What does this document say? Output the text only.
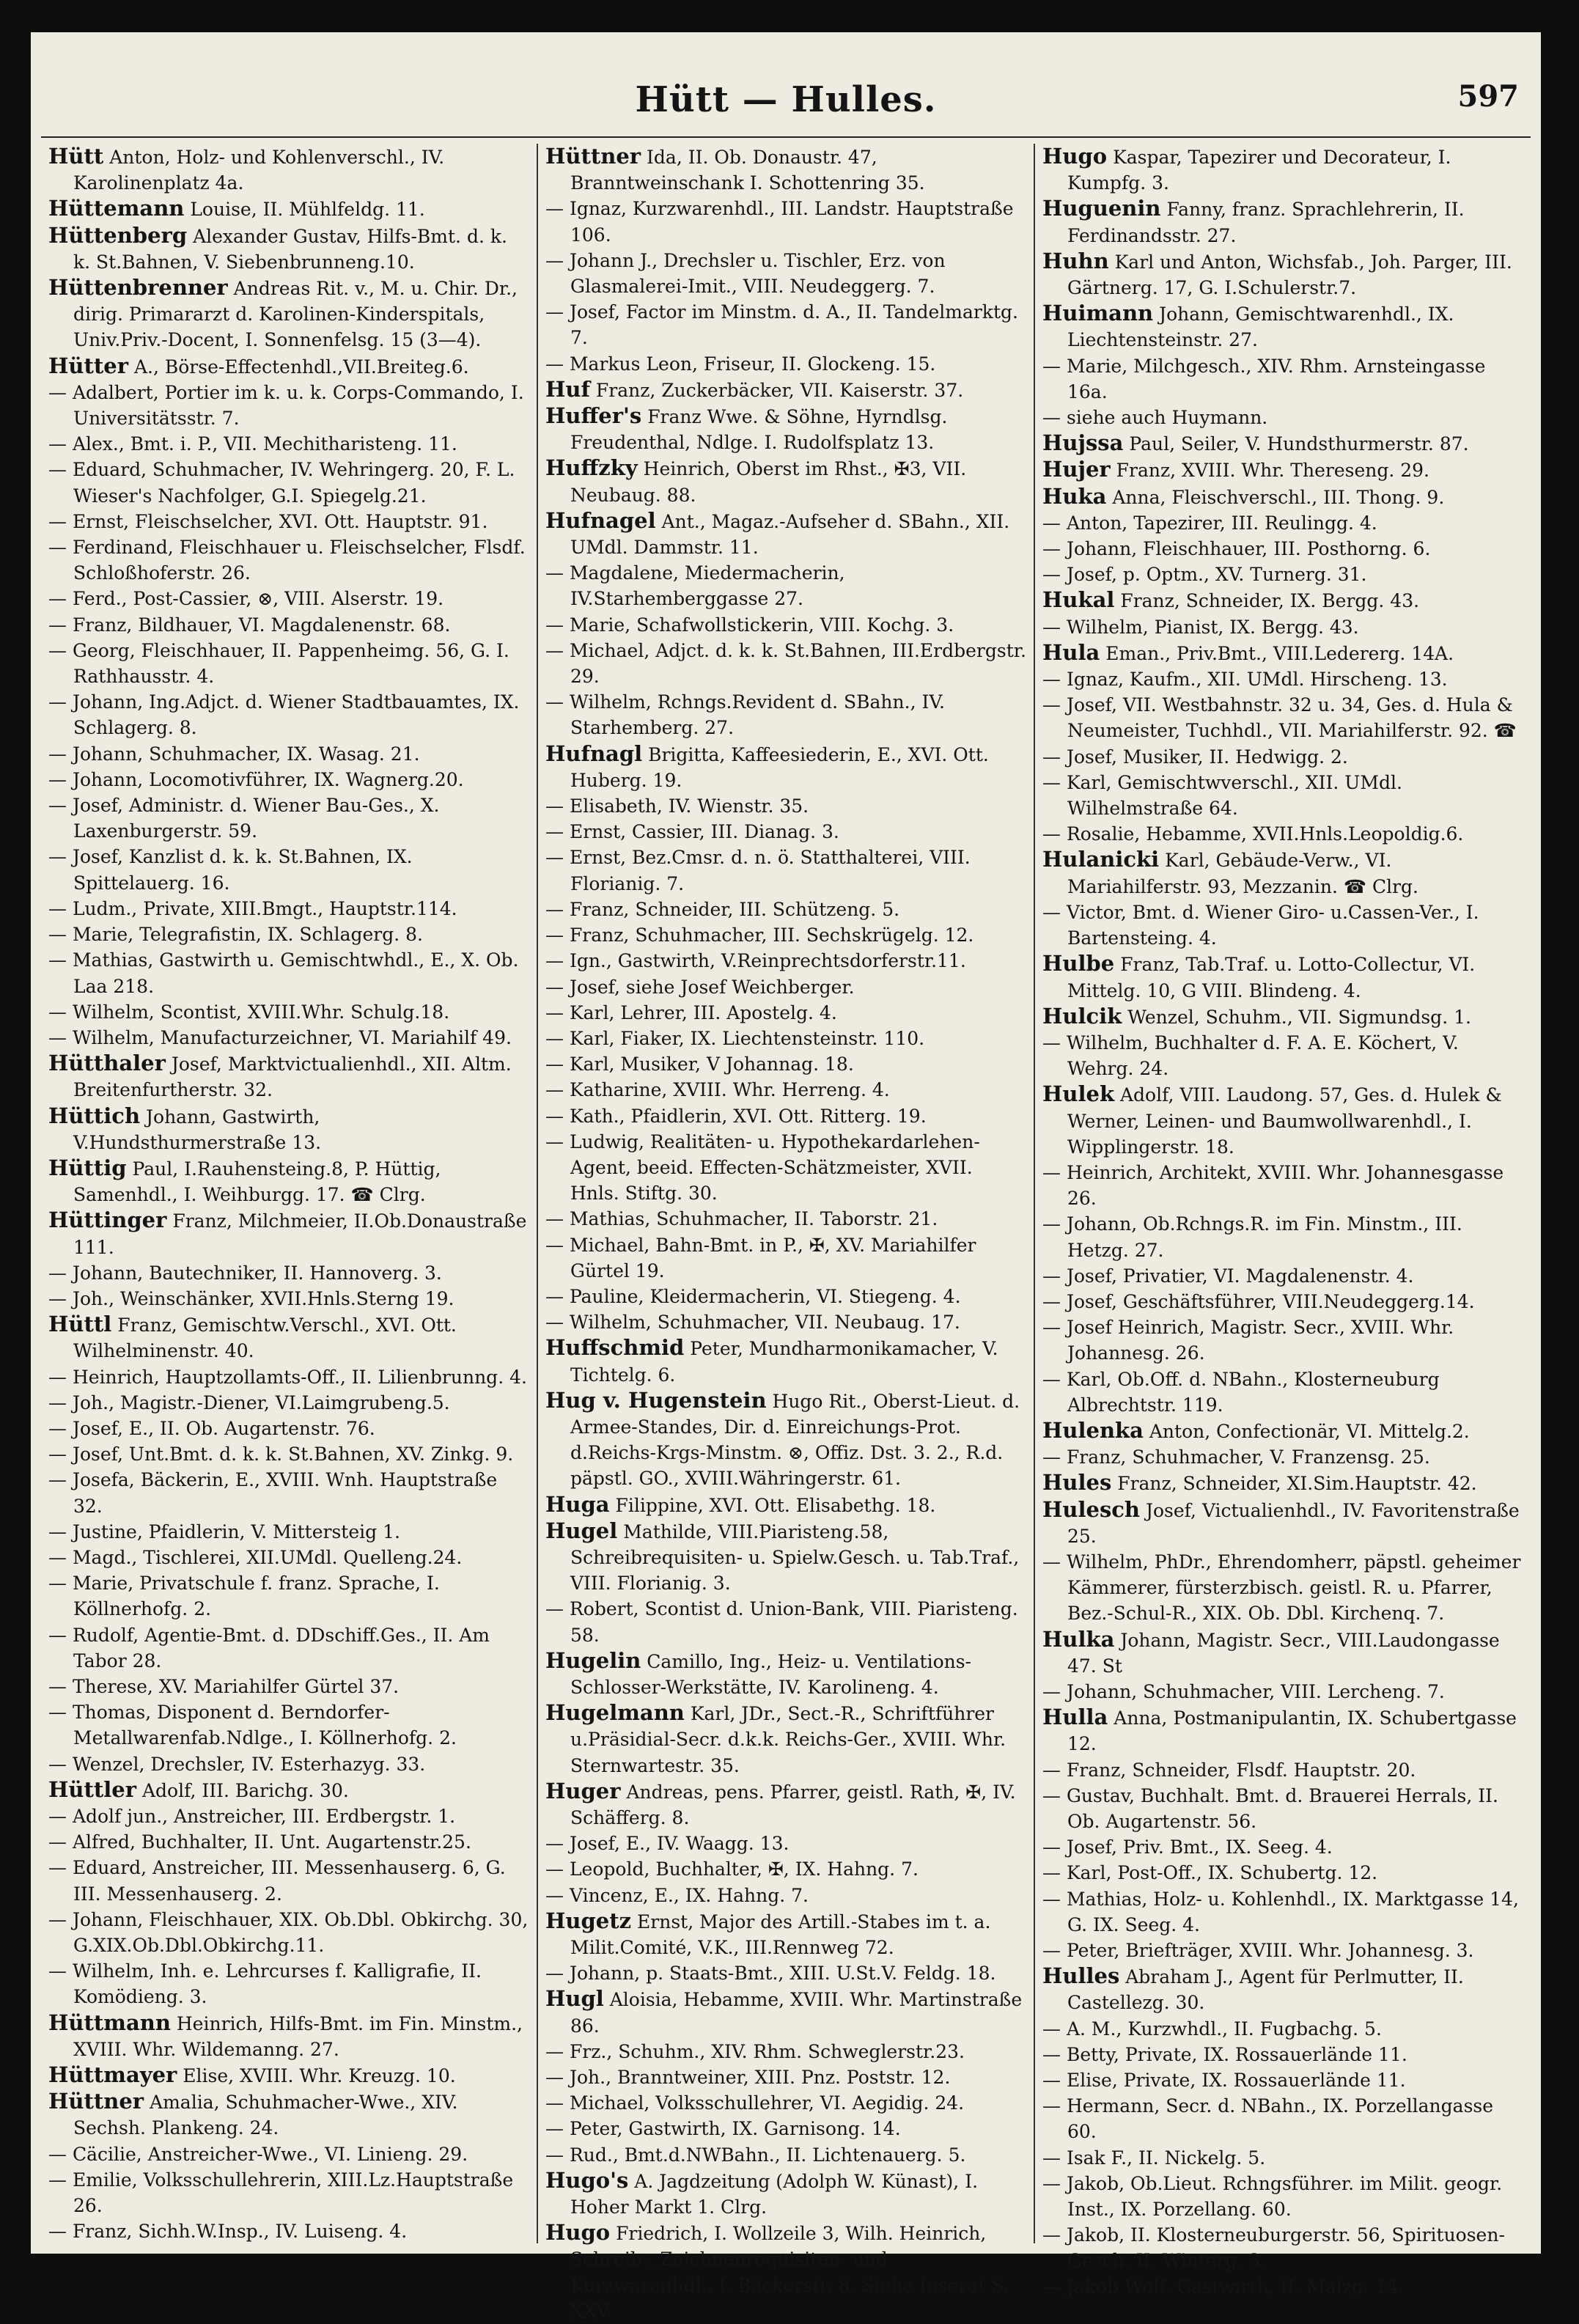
Hütt — Hulles.	597

Hütt Anton, Holz- und Kohlenverschl., IV. Karolinenplatz 4a.

Hüttemann Louise, II. Mühlfeldg. 11.

Hüttenberg Alexander Gustav, Hilfs-Bmt. d. k. k. St.Bahnen, V. Siebenbrunneng.10.

Hüttenbrenner Andreas Rit. v., M. u. Chir. Dr., dirig. Primararzt d. Karolinen-Kinderspitals, Univ.Priv.-Docent, I. Sonnenfelsg. 15 (3—4).

Hütter A., Börse-Effectenhdl.,VII.Breiteg.6.

— Adalbert, Portier im k. u. k. Corps-Commando, I. Universitätsstr. 7.

— Alex., Bmt. i. P., VII. Mechitharisteng. 11.

— Eduard, Schuhmacher, IV. Wehringerg. 20, F. L. Wieser's Nachfolger, G.I. Spiegelg.21.

— Ernst, Fleischselcher, XVI. Ott. Hauptstr. 91.

— Ferdinand, Fleischhauer u. Fleischselcher, Flsdf. Schloßhoferstr. 26.

— Ferd., Post-Cassier, ⊗, VIII. Alserstr. 19.

— Franz, Bildhauer, VI. Magdalenenstr. 68.

— Georg, Fleischhauer, II. Pappenheimg. 56, G. I. Rathhausstr. 4.

— Johann, Ing.Adjct. d. Wiener Stadtbauamtes, IX. Schlagerg. 8.

— Johann, Schuhmacher, IX. Wasag. 21.

— Johann, Locomotivführer, IX. Wagnerg.20.

— Josef, Administr. d. Wiener Bau-Ges., X. Laxenburgerstr. 59.

— Josef, Kanzlist d. k. k. St.Bahnen, IX. Spittelauerg. 16.

— Ludm., Private, XIII.Bmgt., Hauptstr.114.

— Marie, Telegrafistin, IX. Schlagerg. 8.

— Mathias, Gastwirth u. Gemischtwhdl., E., X. Ob. Laa 218.

— Wilhelm, Scontist, XVIII.Whr. Schulg.18.

— Wilhelm, Manufacturzeichner, VI. Mariahilf 49.

Hütthaler Josef, Marktvictualienhdl., XII. Altm. Breitenfurtherstr. 32.

Hüttich Johann, Gastwirth, V.Hundsthurmerstraße 13.

Hüttig Paul, I.Rauhensteing.8, P. Hüttig, Samenhdl., I. Weihburgg. 17. ☎ Clrg.

Hüttinger Franz, Milchmeier, II.Ob.Donaustraße 111.

— Johann, Bautechniker, II. Hannoverg. 3.

— Joh., Weinschänker, XVII.Hnls.Sterng 19.

Hüttl Franz, Gemischtw.Verschl., XVI. Ott. Wilhelminenstr. 40.

— Heinrich, Hauptzollamts-Off., II. Lilienbrunng. 4.

— Joh., Magistr.-Diener, VI.Laimgrubeng.5.

— Josef, E., II. Ob. Augartenstr. 76.

— Josef, Unt.Bmt. d. k. k. St.Bahnen, XV. Zinkg. 9.

— Josefa, Bäckerin, E., XVIII. Wnh. Hauptstraße 32.

— Justine, Pfaidlerin, V. Mittersteig 1.

— Magd., Tischlerei, XII.UMdl. Quelleng.24.

— Marie, Privatschule f. franz. Sprache, I. Köllnerhofg. 2.

— Rudolf, Agentie-Bmt. d. DDschiff.Ges., II. Am Tabor 28.

— Therese, XV. Mariahilfer Gürtel 37.

— Thomas, Disponent d. Berndorfer-Metallwarenfab.Ndlge., I. Köllnerhofg. 2.

— Wenzel, Drechsler, IV. Esterhazyg. 33.

Hüttler Adolf, III. Barichg. 30.

— Adolf jun., Anstreicher, III. Erdbergstr. 1.

— Alfred, Buchhalter, II. Unt. Augartenstr.25.

— Eduard, Anstreicher, III. Messenhauserg. 6, G. III. Messenhauserg. 2.

— Johann, Fleischhauer, XIX. Ob.Dbl. Obkirchg. 30, G.XIX.Ob.Dbl.Obkirchg.11.

— Wilhelm, Inh. e. Lehrcurses f. Kalligrafie, II. Komödieng. 3.

Hüttmann Heinrich, Hilfs-Bmt. im Fin. Minstm., XVIII. Whr. Wildemanng. 27.

Hüttmayer Elise, XVIII. Whr. Kreuzg. 10.

Hüttner Amalia, Schuhmacher-Wwe., XIV. Sechsh. Plankeng. 24.

— Cäcilie, Anstreicher-Wwe., VI. Linieng. 29.

— Emilie, Volksschullehrerin, XIII.Lz.Hauptstraße 26.

— Franz, Sichh.W.Insp., IV. Luiseng. 4.

Hüttner Ida, II. Ob. Donaustr. 47, Branntweinschank I. Schottenring 35.

— Ignaz, Kurzwarenhdl., III. Landstr. Hauptstraße 106.

— Johann J., Drechsler u. Tischler, Erz. von Glasmalerei-Imit., VIII. Neudeggerg. 7.

— Josef, Factor im Minstm. d. A., II. Tandelmarktg. 7.

— Markus Leon, Friseur, II. Glockeng. 15.

Huf Franz, Zuckerbäcker, VII. Kaiserstr. 37.

Huffer's Franz Wwe. & Söhne, Hyrndlsg. Freudenthal, Ndlge. I. Rudolfsplatz 13.

Huffzky Heinrich, Oberst im Rhst., ✠3, VII. Neubaug. 88.

Hufnagel Ant., Magaz.-Aufseher d. SBahn., XII. UMdl. Dammstr. 11.

— Magdalene, Miedermacherin, IV.Starhemberggasse 27.

— Marie, Schafwollstickerin, VIII. Kochg. 3.

— Michael, Adjct. d. k. k. St.Bahnen, III.Erdbergstr. 29.

— Wilhelm, Rchngs.Revident d. SBahn., IV. Starhemberg. 27.

Hufnagl Brigitta, Kaffeesiederin, E., XVI. Ott. Huberg. 19.

— Elisabeth, IV. Wienstr. 35.

— Ernst, Cassier, III. Dianag. 3.

— Ernst, Bez.Cmsr. d. n. ö. Statthalterei, VIII. Florianig. 7.

— Franz, Schneider, III. Schützeng. 5.

— Franz, Schuhmacher, III. Sechskrügelg. 12.

— Ign., Gastwirth, V.Reinprechtsdorferstr.11.

— Josef, siehe Josef Weichberger.

— Karl, Lehrer, III. Apostelg. 4.

— Karl, Fiaker, IX. Liechtensteinstr. 110.

— Karl, Musiker, V Johannag. 18.

— Katharine, XVIII. Whr. Herreng. 4.

— Kath., Pfaidlerin, XVI. Ott. Ritterg. 19.

— Ludwig, Realitäten- u. Hypothekardarlehen-Agent, beeid. Effecten-Schätzmeister, XVII. Hnls. Stiftg. 30.

— Mathias, Schuhmacher, II. Taborstr. 21.

— Michael, Bahn-Bmt. in P., ✠, XV. Mariahilfer Gürtel 19.

— Pauline, Kleidermacherin, VI. Stiegeng. 4.

— Wilhelm, Schuhmacher, VII. Neubaug. 17.

Huffschmid Peter, Mundharmonikamacher, V. Tichtelg. 6.

Hug v. Hugenstein Hugo Rit., Oberst-Lieut. d. Armee-Standes, Dir. d. Einreichungs-Prot. d.Reichs-Krgs-Minstm. ⊗, Offiz. Dst. 3. 2., R.d. päpstl. GO., XVIII.Währingerstr. 61.

Huga Filippine, XVI. Ott. Elisabethg. 18.

Hugel Mathilde, VIII.Piaristeng.58, Schreibrequisiten- u. Spielw.Gesch. u. Tab.Traf., VIII. Florianig. 3.

— Robert, Scontist d. Union-Bank, VIII. Piaristeng. 58.

Hugelin Camillo, Ing., Heiz- u. Ventilations-Schlosser-Werkstätte, IV. Karolineng. 4.

Hugelmann Karl, JDr., Sect.-R., Schriftführer u.Präsidial-Secr. d.k.k. Reichs-Ger., XVIII. Whr. Sternwartestr. 35.

Huger Andreas, pens. Pfarrer, geistl. Rath, ✠, IV. Schäfferg. 8.

— Josef, E., IV. Waagg. 13.

— Leopold, Buchhalter, ✠, IX. Hahng. 7.

— Vincenz, E., IX. Hahng. 7.

Hugetz Ernst, Major des Artill.-Stabes im t. a. Milit.Comité, V.K., III.Rennweg 72.

— Johann, p. Staats-Bmt., XIII. U.St.V. Feldg. 18.

Hugl Aloisia, Hebamme, XVIII. Whr. Martinstraße 86.

— Frz., Schuhm., XIV. Rhm. Schweglerstr.23.

— Joh., Branntweiner, XIII. Pnz. Poststr. 12.

— Michael, Volksschullehrer, VI. Aegidig. 24.

— Peter, Gastwirth, IX. Garnisong. 14.

— Rud., Bmt.d.NWBahn., II. Lichtenauerg. 5.

Hugo's A. Jagdzeitung (Adolph W. Künast), I. Hoher Markt 1. Clrg.

Hugo Friedrich, I. Wollzeile 3, Wilh. Heinrich, Schreib-, Zeichnenrequisiten- und Kurzwarenhdl., I. Bäckerstr. 8. Siehe Inserat S. XXV.

Hugo Kaspar, Tapezirer und Decorateur, I. Kumpfg. 3.

Huguenin Fanny, franz. Sprachlehrerin, II. Ferdinandsstr. 27.

Huhn Karl und Anton, Wichsfab., Joh. Parger, III. Gärtnerg. 17, G. I.Schulerstr.7.

Huimann Johann, Gemischtwarenhdl., IX. Liechtensteinstr. 27.

— Marie, Milchgesch., XIV. Rhm. Arnsteingasse 16a.

— siehe auch Huymann.

Hujssa Paul, Seiler, V. Hundsthurmerstr. 87.

Hujer Franz, XVIII. Whr. Thereseng. 29.

Huka Anna, Fleischverschl., III. Thong. 9.

— Anton, Tapezirer, III. Reulingg. 4.

— Johann, Fleischhauer, III. Posthorng. 6.

— Josef, p. Optm., XV. Turnerg. 31.

Hukal Franz, Schneider, IX. Bergg. 43.

— Wilhelm, Pianist, IX. Bergg. 43.

Hula Eman., Priv.Bmt., VIII.Ledererg. 14A.

— Ignaz, Kaufm., XII. UMdl. Hirscheng. 13.

— Josef, VII. Westbahnstr. 32 u. 34, Ges. d. Hula & Neumeister, Tuchhdl., VII. Mariahilferstr. 92. ☎

— Josef, Musiker, II. Hedwigg. 2.

— Karl, Gemischtwverschl., XII. UMdl. Wilhelmstraße 64.

— Rosalie, Hebamme, XVII.Hnls.Leopoldig.6.

Hulanicki Karl, Gebäude-Verw., VI. Mariahilferstr. 93, Mezzanin. ☎ Clrg.

— Victor, Bmt. d. Wiener Giro- u.Cassen-Ver., I. Bartensteing. 4.

Hulbe Franz, Tab.Traf. u. Lotto-Collectur, VI. Mittelg. 10, G VIII. Blindeng. 4.

Hulcik Wenzel, Schuhm., VII. Sigmundsg. 1.

— Wilhelm, Buchhalter d. F. A. E. Köchert, V. Wehrg. 24.

Hulek Adolf, VIII. Laudong. 57, Ges. d. Hulek & Werner, Leinen- und Baumwollwarenhdl., I. Wipplingerstr. 18.

— Heinrich, Architekt, XVIII. Whr. Johannesgasse 26.

— Johann, Ob.Rchngs.R. im Fin. Minstm., III. Hetzg. 27.

— Josef, Privatier, VI. Magdalenenstr. 4.

— Josef, Geschäftsführer, VIII.Neudeggerg.14.

— Josef Heinrich, Magistr. Secr., XVIII. Whr. Johannesg. 26.

— Karl, Ob.Off. d. NBahn., Klosterneuburg Albrechtstr. 119.

Hulenka Anton, Confectionär, VI. Mittelg.2.

— Franz, Schuhmacher, V. Franzensg. 25.

Hules Franz, Schneider, XI.Sim.Hauptstr. 42.

Hulesch Josef, Victualienhdl., IV. Favoritenstraße 25.

— Wilhelm, PhDr., Ehrendomherr, päpstl. geheimer Kämmerer, fürsterzbisch. geistl. R. u. Pfarrer, Bez.-Schul-R., XIX. Ob. Dbl. Kirchenq. 7.

Hulka Johann, Magistr. Secr., VIII.Laudongasse 47. St

— Johann, Schuhmacher, VIII. Lercheng. 7.

Hulla Anna, Postmanipulantin, IX. Schubertgasse 12.

— Franz, Schneider, Flsdf. Hauptstr. 20.

— Gustav, Buchhalt. Bmt. d. Brauerei Herrals, II. Ob. Augartenstr. 56.

— Josef, Priv. Bmt., IX. Seeg. 4.

— Karl, Post-Off., IX. Schubertg. 12.

— Mathias, Holz- u. Kohlenhdl., IX. Marktgasse 14, G. IX. Seeg. 4.

— Peter, Briefträger, XVIII. Whr. Johannesg. 3.

Hulles Abraham J., Agent für Perlmutter, II. Castellezg. 30.

— A. M., Kurzwhdl., II. Fugbachg. 5.

— Betty, Private, IX. Rossauerlände 11.

— Elise, Private, IX. Rossauerlände 11.

— Hermann, Secr. d. NBahn., IX. Porzellangasse 60.

— Isak F., II. Nickelg. 5.

— Jakob, Ob.Lieut. Rchngsführer. im Milit. geogr. Inst., IX. Porzellang. 60.

— Jakob, II. Klosterneuburgerstr. 56, Spirituosen-Gesch. II. Winterg. 3.

— Jakob Wolf, Gastwirth, II. Malzg. 14.
